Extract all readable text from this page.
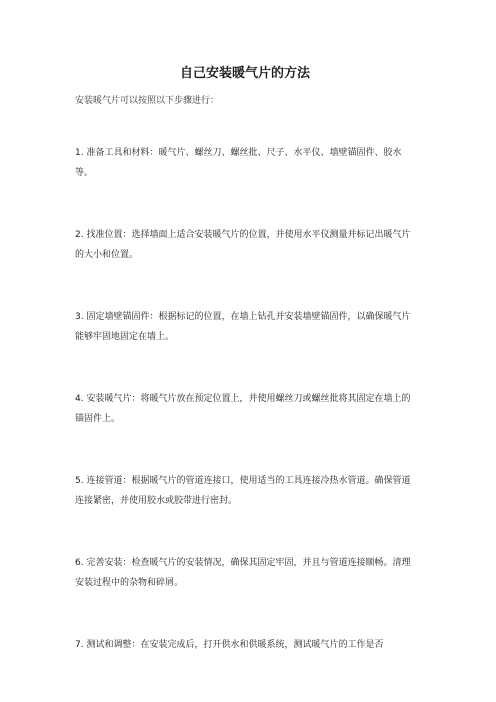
自己安装暖气片的方法

安装暖气片可以按照以下步骤进行：

1. 准备工具和材料：暖气片、螺丝刀、螺丝批、尺子、水平仪、墙壁锚固件、胶水等。
2. 找准位置：选择墙面上适合安装暖气片的位置，并使用水平仪测量并标记出暖气片的大小和位置。
3. 固定墙壁锚固件：根据标记的位置，在墙上钻孔并安装墙壁锚固件，以确保暖气片能够牢固地固定在墙上。
4. 安装暖气片：将暖气片放在预定位置上，并使用螺丝刀或螺丝批将其固定在墙上的锚固件上。
5. 连接管道：根据暖气片的管道连接口，使用适当的工具连接冷热水管道。确保管道连接紧密，并使用胶水或胶带进行密封。
6. 完善安装：检查暖气片的安装情况，确保其固定牢固，并且与管道连接顺畅。清理安装过程中的杂物和碎屑。
7. 测试和调整：在安装完成后，打开供水和供暖系统，测试暖气片的工作是否
